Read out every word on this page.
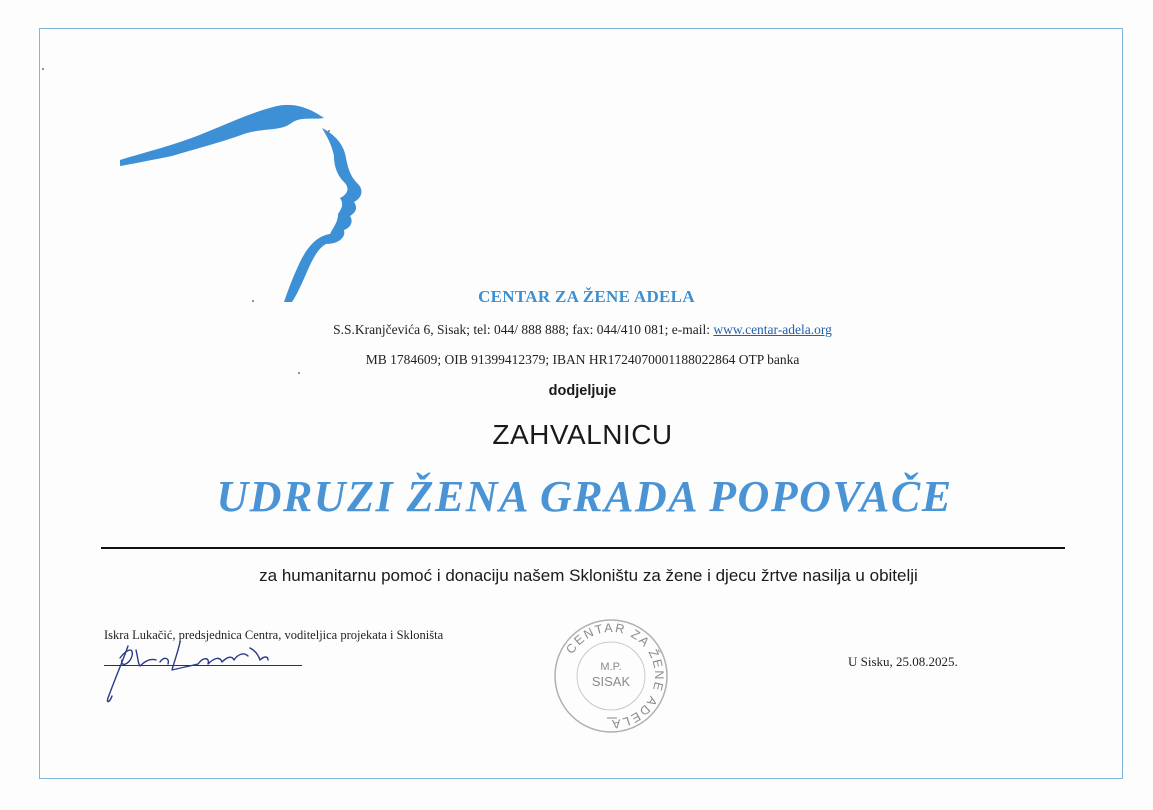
CENTAR ZA ŽENE ADELA
S.S.Kranjčevića 6, Sisak; tel: 044/ 888 888; fax: 044/410 081; e-mail: www.centar-adela.org
MB 1784609; OIB 91399412379; IBAN HR1724070001188022864 OTP banka
dodjeljuje
ZAHVALNICU
UDRUZI ŽENA GRADA POPOVAČE
za humanitarnu pomoć i donaciju našem Skloništu za žene i djecu žrtve nasilja u obitelji
Iskra Lukačić, predsjednica Centra, voditeljica projekata i Skloništa
CENTAR ZA ŽENE ADELA
M.P.
SISAK
U Sisku, 25.08.2025.
